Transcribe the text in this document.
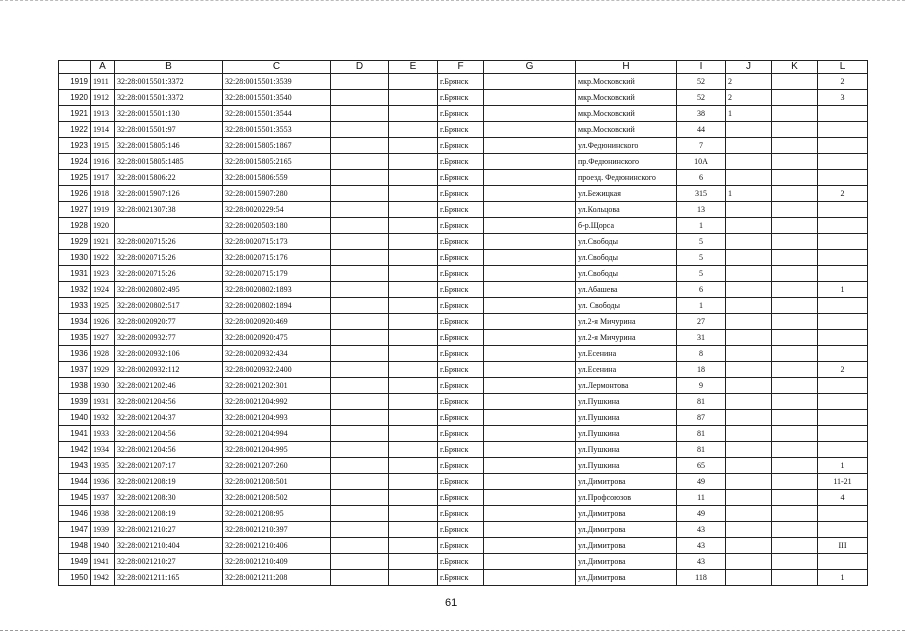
	A	B	C	D	E	F	G	H	I	J	K	L
1919	1911	32:28:0015501:3372	32:28:0015501:3539			г.Брянск		мкр.Московский	52	2		2
1920	1912	32:28:0015501:3372	32:28:0015501:3540			г.Брянск		мкр.Московский	52	2		3
1921	1913	32:28:0015501:130	32:28:0015501:3544			г.Брянск		мкр.Московский	38	1		
1922	1914	32:28:0015501:97	32:28:0015501:3553			г.Брянск		мкр.Московский	44			
1923	1915	32:28:0015805:146	32:28:0015805:1867			г.Брянск		ул.Федюнинского	7			
1924	1916	32:28:0015805:1485	32:28:0015805:2165			г.Брянск		пр.Федюнинского	10А			
1925	1917	32:28:0015806:22	32:28:0015806:559			г.Брянск		проезд. Федюнинского	6			
1926	1918	32:28:0015907:126	32:28:0015907:280			г.Брянск		ул.Бежицкая	315	1		2
1927	1919	32:28:0021307:38	32:28:0020229:54			г.Брянск		ул.Кольцова	13			
1928	1920		32:28:0020503:180			г.Брянск		б-р.Щорса	1			
1929	1921	32:28:0020715:26	32:28:0020715:173			г.Брянск		ул.Свободы	5			
1930	1922	32:28:0020715:26	32:28:0020715:176			г.Брянск		ул.Свободы	5			
1931	1923	32:28:0020715:26	32:28:0020715:179			г.Брянск		ул.Свободы	5			
1932	1924	32:28:0020802:495	32:28:0020802:1893			г.Брянск		ул.Абашева	6			1
1933	1925	32:28:0020802:517	32:28:0020802:1894			г.Брянск		ул. Свободы	1			
1934	1926	32:28:0020920:77	32:28:0020920:469			г.Брянск		ул.2-я Мичурина	27			
1935	1927	32:28:0020932:77	32:28:0020920:475			г.Брянск		ул.2-я Мичурина	31			
1936	1928	32:28:0020932:106	32:28:0020932:434			г.Брянск		ул.Есенина	8			
1937	1929	32:28:0020932:112	32:28:0020932:2400			г.Брянск		ул.Есенина	18			2
1938	1930	32:28:0021202:46	32:28:0021202:301			г.Брянск		ул.Лермонтова	9			
1939	1931	32:28:0021204:56	32:28:0021204:992			г.Брянск		ул.Пушкина	81			
1940	1932	32:28:0021204:37	32:28:0021204:993			г.Брянск		ул.Пушкина	87			
1941	1933	32:28:0021204:56	32:28:0021204:994			г.Брянск		ул.Пушкина	81			
1942	1934	32:28:0021204:56	32:28:0021204:995			г.Брянск		ул.Пушкина	81			
1943	1935	32:28:0021207:17	32:28:0021207:260			г.Брянск		ул.Пушкина	65			1
1944	1936	32:28:0021208:19	32:28:0021208:501			г.Брянск		ул.Димитрова	49			11-21
1945	1937	32:28:0021208:30	32:28:0021208:502			г.Брянск		ул.Профсоюзов	11			4
1946	1938	32:28:0021208:19	32:28:0021208:95			г.Брянск		ул.Димитрова	49			
1947	1939	32:28:0021210:27	32:28:0021210:397			г.Брянск		ул.Димитрова	43			
1948	1940	32:28:0021210:404	32:28:0021210:406			г.Брянск		ул.Димитрова	43			III
1949	1941	32:28:0021210:27	32:28:0021210:409			г.Брянск		ул.Димитрова	43			
1950	1942	32:28:0021211:165	32:28:0021211:208			г.Брянск		ул.Димитрова	118			1
61
